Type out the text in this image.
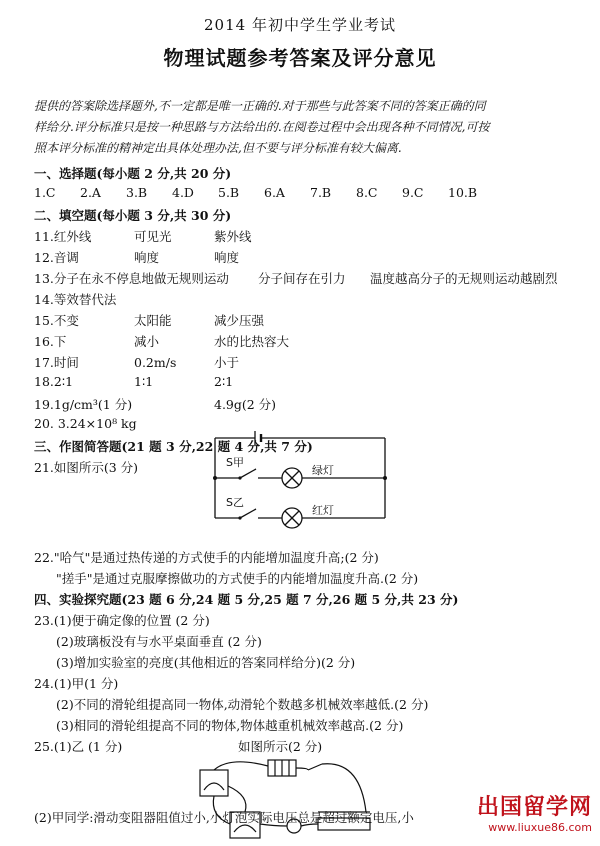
2014 年初中学生学业考试
物理试题参考答案及评分意见
提供的答案除选择题外,不一定都是唯一正确的.对于那些与此答案不同的答案正确的同
样给分.评分标准只是按一种思路与方法给出的.在阅卷过程中会出现各种不同情况,可按
照本评分标准的精神定出具体处理办法,但不要与评分标准有较大偏离.
一、选择题(每小题 2 分,共 20 分)
1.C 2.A 3.B 4.D 5.B 6.A 7.B 8.C 9.C 10.B
二、填空题(每小题 3 分,共 30 分)
11.红外线	可见光	紫外线
12.音调	响度	响度
13.分子在永不停息地做无规则运动 分子间存在引力 温度越高分子的无规则运动越剧烈
14.等效替代法
15.不变	太阳能	减少压强
16.下	减小	水的比热容大
17.时间	0.2m/s	小于
18.2∶1	1∶1	2∶1
19.1g/cm³(1 分)	4.9g(2 分)
20. 3.24×10⁸ kg
三、作图简答题(21 题 3 分,22 题 4 分,共 7 分)
21.如图所示(3 分)	S甲
S乙
绿灯
红灯
22."哈气"是通过热传递的方式使手的内能增加温度升高;(2 分)
"搓手"是通过克服摩擦做功的方式使手的内能增加温度升高.(2 分)
四、实验探究题(23 题 6 分,24 题 5 分,25 题 7 分,26 题 5 分,共 23 分)
23.(1)便于确定像的位置 (2 分)
(2)玻璃板没有与水平桌面垂直 (2 分)
(3)增加实验室的亮度(其他相近的答案同样给分)(2 分)
24.(1)甲(1 分)
(2)不同的滑轮组提高同一物体,动滑轮个数越多机械效率越低.(2 分)
(3)相同的滑轮组提高不同的物体,物体越重机械效率越高.(2 分)
25.(1)乙 (1 分)	如图所示(2 分)
(2)甲同学:滑动变阻器阻值过小,小灯泡实际电压总是超过额定电压,小	出国留学网
www.liuxue86.com
